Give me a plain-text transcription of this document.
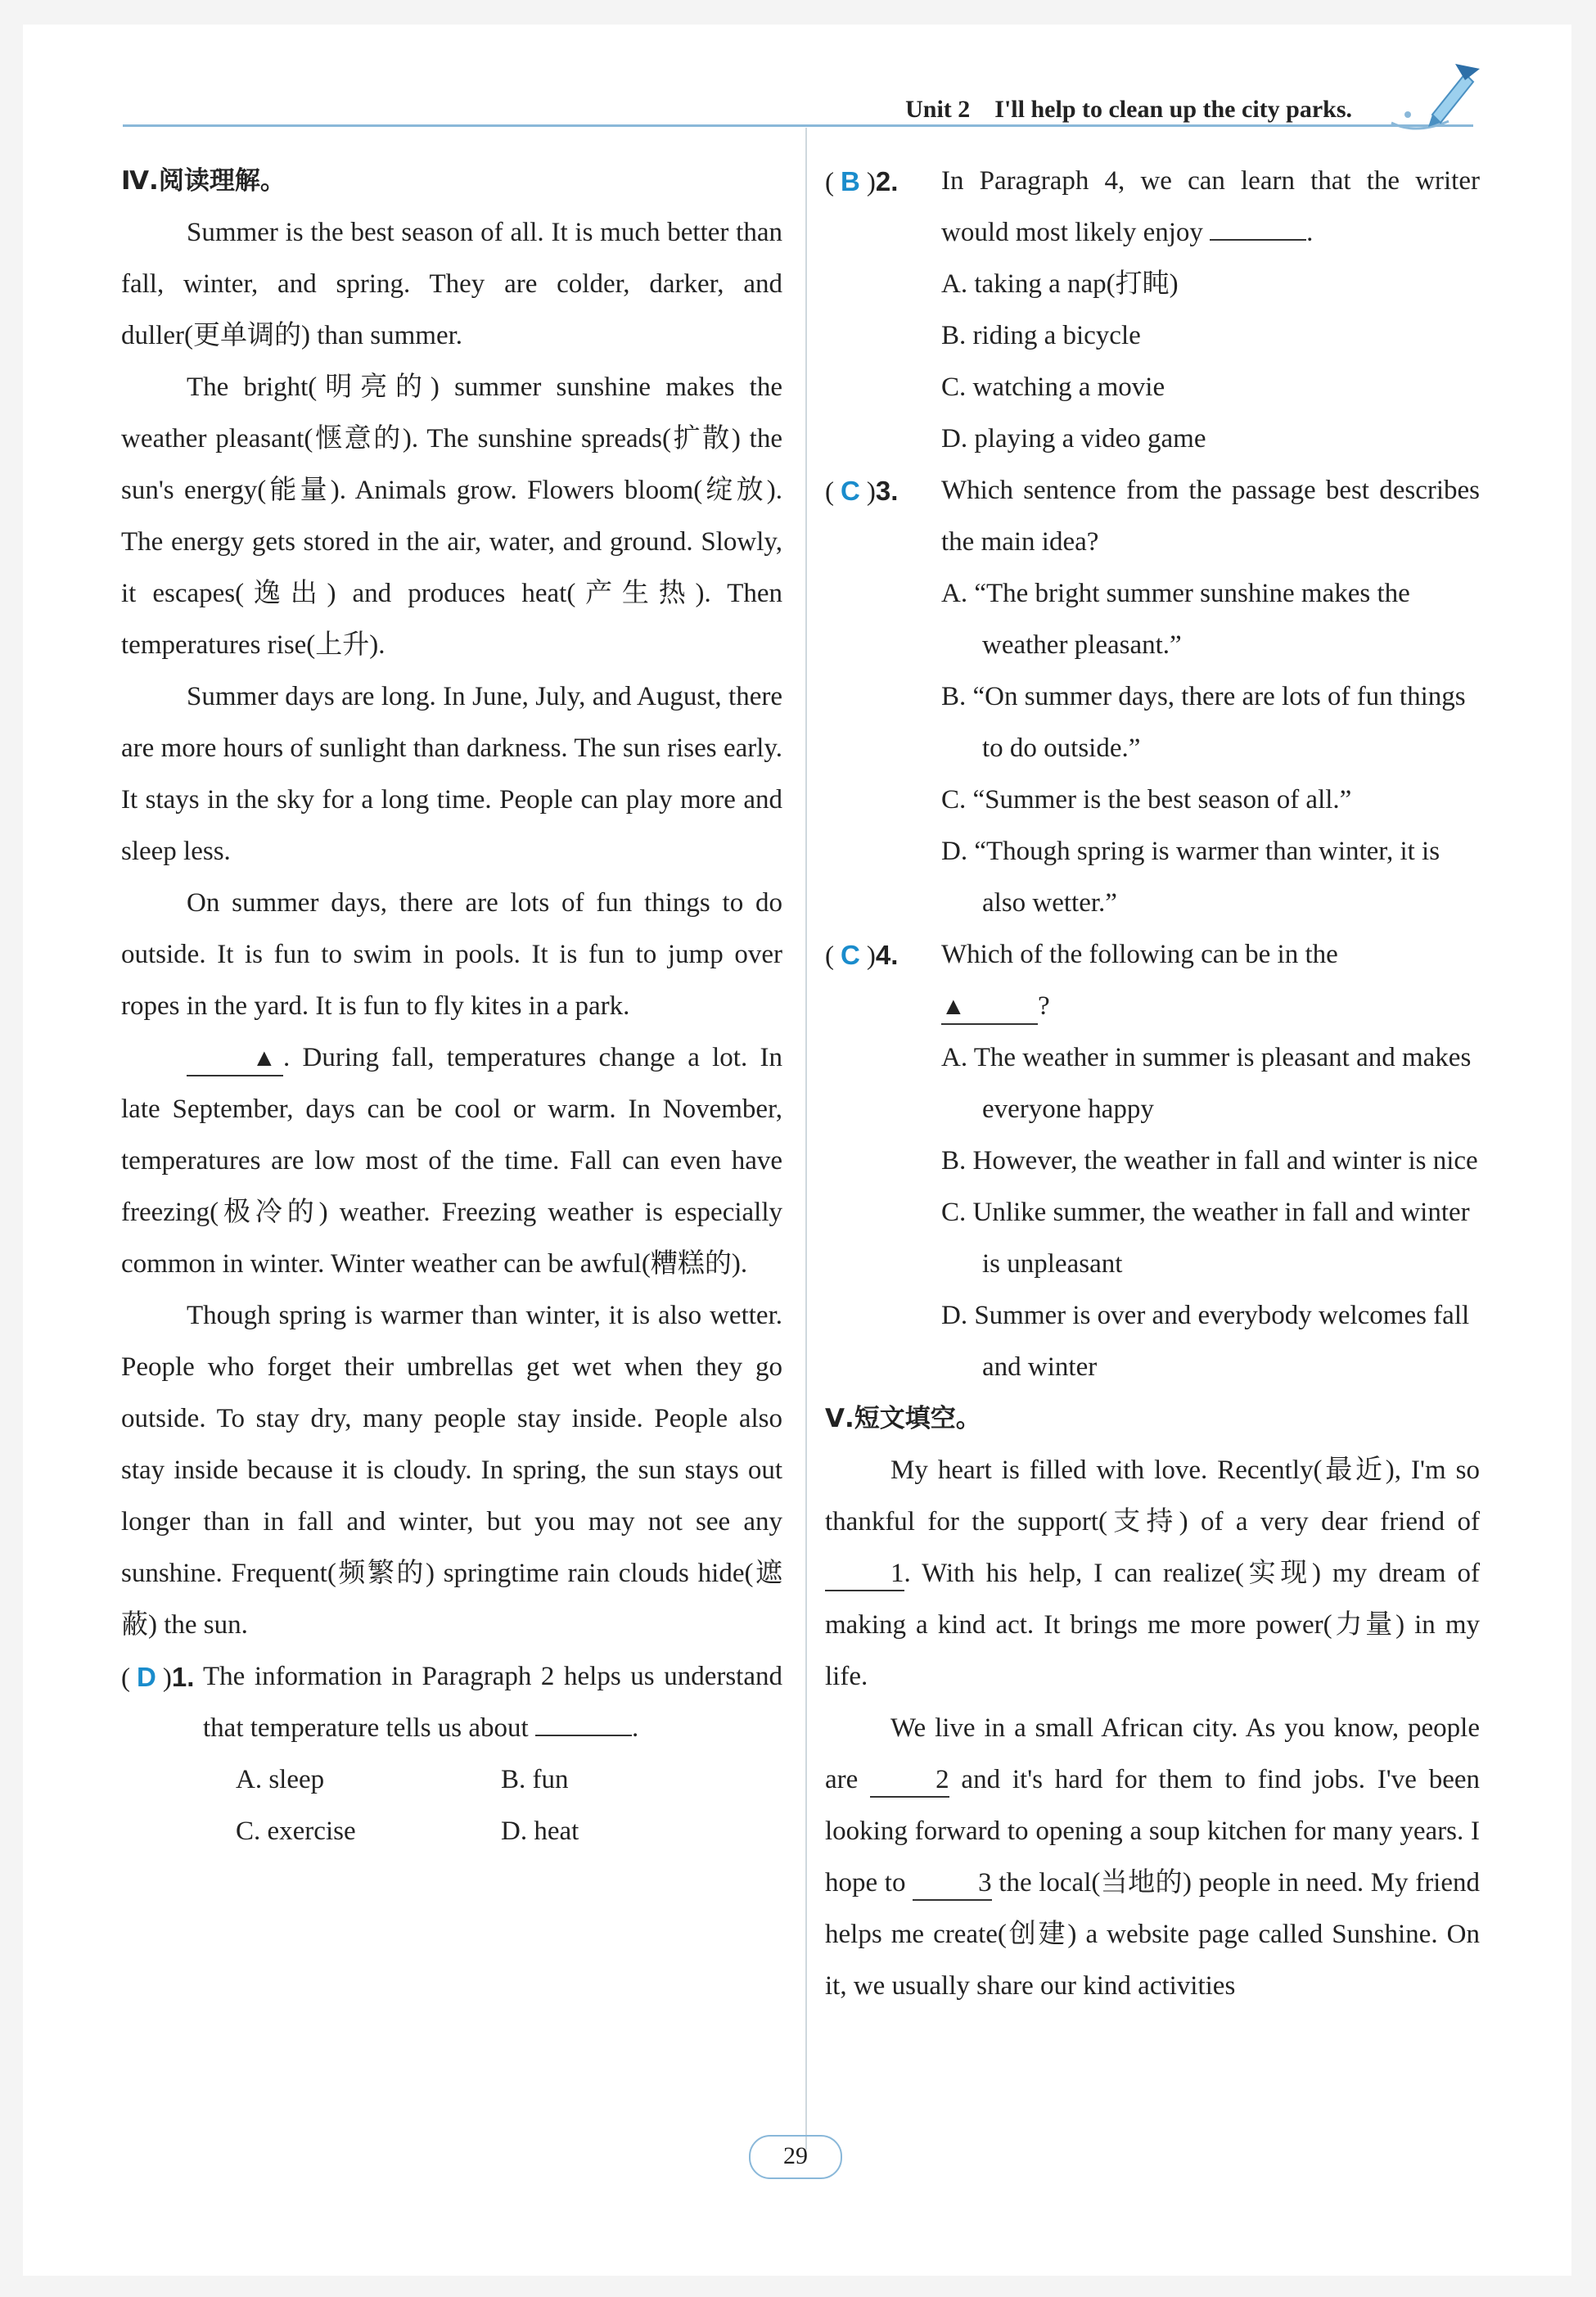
Unit 2　I'll help to clean up the city parks.
Ⅳ.阅读理解。

Summer is the best season of all. It is much better than fall, winter, and spring. They are colder, darker, and duller(更单调的) than summer.

The bright(明亮的) summer sunshine makes the weather pleasant(惬意的). The sunshine spreads(扩散) the sun's energy(能量). Animals grow. Flowers bloom(绽放). The energy gets stored in the air, water, and ground. Slowly, it escapes(逸出) and produces heat(产生热). Then temperatures rise(上升).

Summer days are long. In June, July, and August, there are more hours of sunlight than darkness. The sun rises early. It stays in the sky for a long time. People can play more and sleep less.

On summer days, there are lots of fun things to do outside. It is fun to swim in pools. It is fun to jump over ropes in the yard. It is fun to fly kites in a park.

▲ . During fall, temperatures change a lot. In late September, days can be cool or warm. In November, temperatures are low most of the time. Fall can even have freezing(极冷的) weather. Freezing weather is especially common in winter. Winter weather can be awful(糟糕的).

Though spring is warmer than winter, it is also wetter. People who forget their umbrellas get wet when they go outside. To stay dry, many people stay inside. People also stay inside because it is cloudy. In spring, the sun stays out longer than in fall and winter, but you may not see any sunshine. Frequent(频繁的) springtime rain clouds hide(遮蔽) the sun.

( D )1. The information in Paragraph 2 helps us understand that temperature tells us about	.

A. sleep	B. fun
C. exercise	D. heat
( B )2. In Paragraph 4, we can learn that the writer would most likely enjoy	.

A. taking a nap(打盹)
B. riding a bicycle
C. watching a movie
D. playing a video game
( C )3. Which sentence from the passage best describes the main idea?

A. “The bright summer sunshine makes the weather pleasant.”
B. “On summer days, there are lots of fun things to do outside.”
C. “Summer is the best season of all.”
D. “Though spring is warmer than winter, it is also wetter.”
( C )4. Which of the following can be in the
▲	?

A. The weather in summer is pleasant and makes everyone happy
B. However, the weather in fall and winter is nice
C. Unlike summer, the weather in fall and winter is unpleasant
D. Summer is over and everybody welcomes fall and winter
Ⅴ.短文填空。

My heart is filled with love. Recently(最近), I'm so thankful for the support(支持) of a very dear friend of 1. With his help, I can realize(实现) my dream of making a kind act. It brings me more power(力量) in my life.

We live in a small African city. As you know, people are	2 and it's hard for them to find jobs. I've been looking forward to opening a soup kitchen for many years. I hope to	3 the local(当地的) people in need. My friend helps me create(创建) a website page called Sunshine. On it, we usually share our kind activities

29
